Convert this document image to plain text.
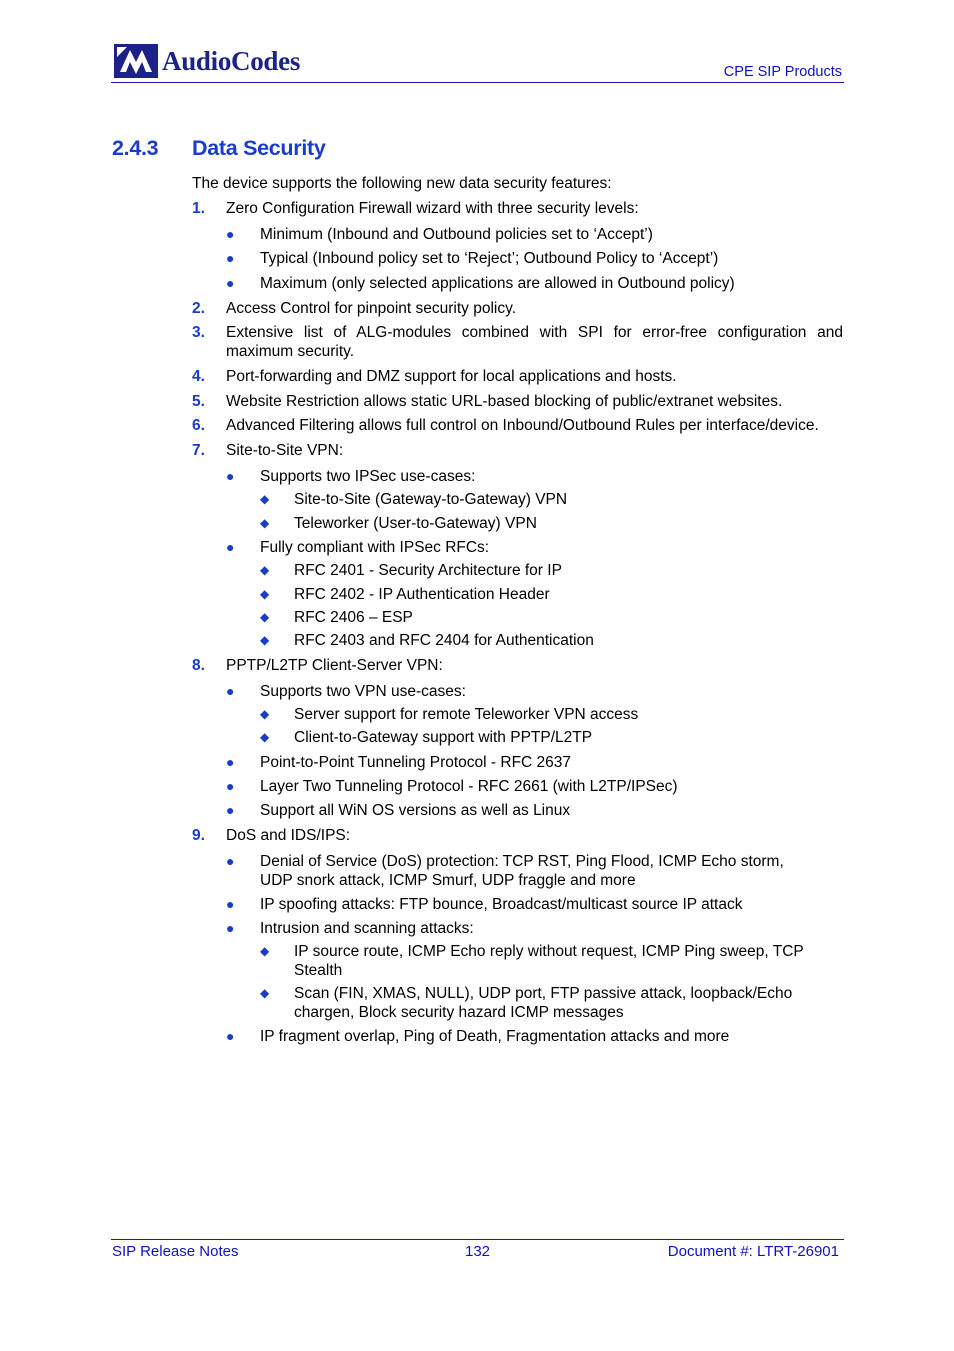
AudioCodes	CPE SIP Products
2.4.3	Data Security

The device supports the following new data security features:

1.	Zero Configuration Firewall wizard with three security levels:
● Minimum (Inbound and Outbound policies set to ‘Accept’)
● Typical (Inbound policy set to ‘Reject’; Outbound Policy to ‘Accept’)
● Maximum (only selected applications are allowed in Outbound policy)
2.	Access Control for pinpoint security policy.
3.	Extensive list of ALG-modules combined with SPI for error-free configuration and maximum security.
4.	Port-forwarding and DMZ support for local applications and hosts.
5.	Website Restriction allows static URL-based blocking of public/extranet websites.
6.	Advanced Filtering allows full control on Inbound/Outbound Rules per interface/device.
7.	Site-to-Site VPN:
● Supports two IPSec use-cases:
◆ Site-to-Site (Gateway-to-Gateway) VPN
◆ Teleworker (User-to-Gateway) VPN
● Fully compliant with IPSec RFCs:
◆ RFC 2401 - Security Architecture for IP
◆ RFC 2402 - IP Authentication Header
◆ RFC 2406 – ESP
◆ RFC 2403 and RFC 2404 for Authentication
8.	PPTP/L2TP Client-Server VPN:
● Supports two VPN use-cases:
◆ Server support for remote Teleworker VPN access
◆ Client-to-Gateway support with PPTP/L2TP
● Point-to-Point Tunneling Protocol - RFC 2637
● Layer Two Tunneling Protocol - RFC 2661 (with L2TP/IPSec)
● Support all WiN OS versions as well as Linux
9.	DoS and IDS/IPS:
● Denial of Service (DoS) protection: TCP RST, Ping Flood, ICMP Echo storm, UDP snork attack, ICMP Smurf, UDP fraggle and more
● IP spoofing attacks: FTP bounce, Broadcast/multicast source IP attack
● Intrusion and scanning attacks:
◆ IP source route, ICMP Echo reply without request, ICMP Ping sweep, TCP Stealth
◆ Scan (FIN, XMAS, NULL), UDP port, FTP passive attack, loopback/Echo chargen, Block security hazard ICMP messages
● IP fragment overlap, Ping of Death, Fragmentation attacks and more
SIP Release Notes	132	Document #: LTRT-26901
